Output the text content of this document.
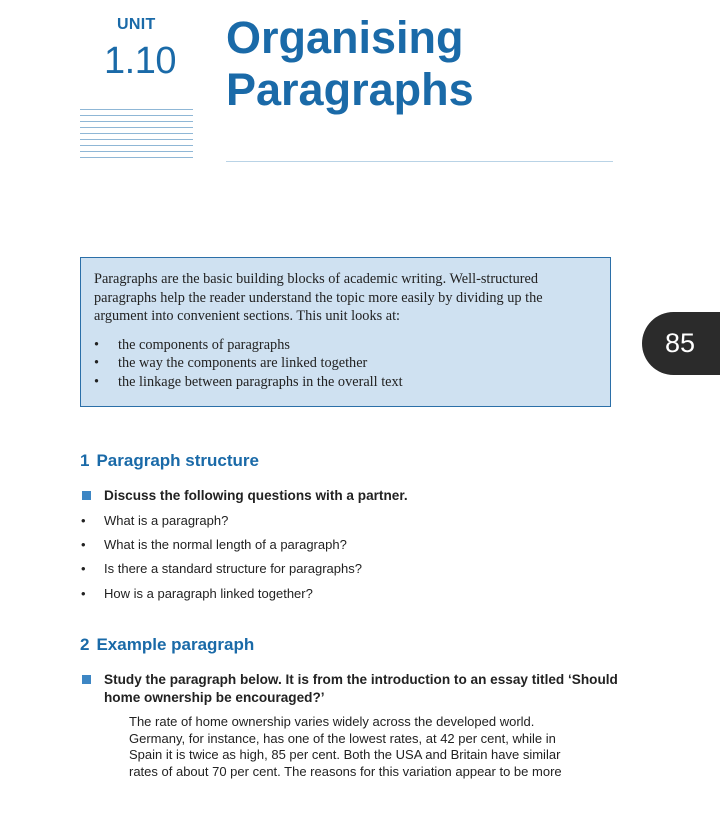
UNIT
1.10 Organising
Paragraphs

Paragraphs are the basic building blocks of academic writing. Well-structured paragraphs help the reader understand the topic more easily by dividing up the argument into convenient sections. This unit looks at:

• the components of paragraphs
• the way the components are linked together
• the linkage between paragraphs in the overall text
85
1 Paragraph structure
Discuss the following questions with a partner.
• What is a paragraph?
• What is the normal length of a paragraph?
• Is there a standard structure for paragraphs?
• How is a paragraph linked together?
2 Example paragraph
Study the paragraph below. It is from the introduction to an essay titled ‘Should home ownership be encouraged?’
The rate of home ownership varies widely across the developed world.
Germany, for instance, has one of the lowest rates, at 42 per cent, while in
Spain it is twice as high, 85 per cent. Both the USA and Britain have similar
rates of about 70 per cent. The reasons for this variation appear to be more
